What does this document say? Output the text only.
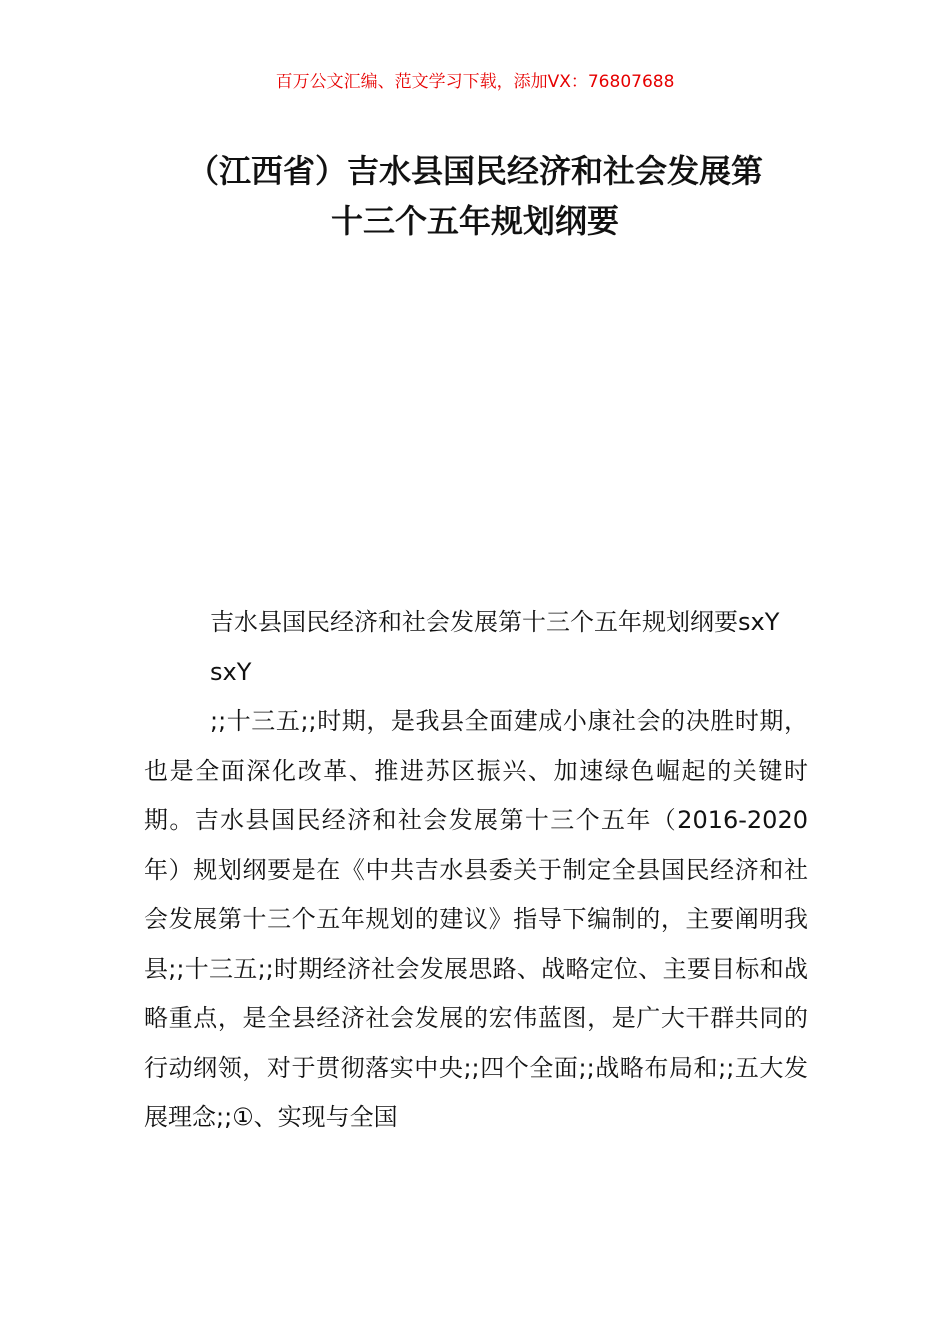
百万公文汇编、范文学习下载，添加VX：76807688
（江西省）吉水县国民经济和社会发展第
十三个五年规划纲要

吉水县国民经济和社会发展第十三个五年规划纲要sxY

sxY

;;十三五;;时期，是我县全面建成小康社会的决胜时期，也是全面深化改革、推进苏区振兴、加速绿色崛起的关键时期。吉水县国民经济和社会发展第十三个五年（2016-2020年）规划纲要是在《中共吉水县委关于制定全县国民经济和社会发展第十三个五年规划的建议》指导下编制的，主要阐明我县;;十三五;;时期经济社会发展思路、战略定位、主要目标和战略重点，是全县经济社会发展的宏伟蓝图，是广大干群共同的行动纲领，对于贯彻落实中央;;四个全面;;战略布局和;;五大发展理念;;①、实现与全国
